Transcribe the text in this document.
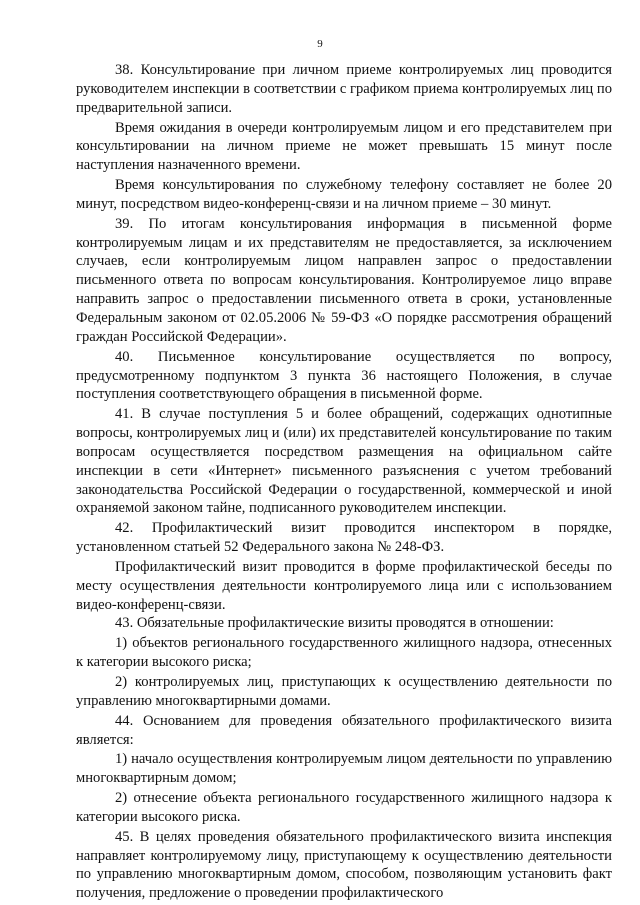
9

38. Консультирование при личном приеме контролируемых лиц проводится руководителем инспекции в соответствии с графиком приема контролируемых лиц по предварительной записи.

Время ожидания в очереди контролируемым лицом и его представителем при консультировании на личном приеме не может превышать 15 минут после наступления назначенного времени.

Время консультирования по служебному телефону составляет не более 20 минут, посредством видео-конференц-связи и на личном приеме – 30 минут.

39. По итогам консультирования информация в письменной форме контролируемым лицам и их представителям не предоставляется, за исключением случаев, если контролируемым лицом направлен запрос о предоставлении письменного ответа по вопросам консультирования. Контролируемое лицо вправе направить запрос о предоставлении письменного ответа в сроки, установленные Федеральным законом от 02.05.2006 № 59-ФЗ «О порядке рассмотрения обращений граждан Российской Федерации».

40. Письменное консультирование осуществляется по вопросу, предусмотренному подпунктом 3 пункта 36 настоящего Положения, в случае поступления соответствующего обращения в письменной форме.

41. В случае поступления 5 и более обращений, содержащих однотипные вопросы, контролируемых лиц и (или) их представителей консультирование по таким вопросам осуществляется посредством размещения на официальном сайте инспекции в сети «Интернет» письменного разъяснения с учетом требований законодательства Российской Федерации о государственной, коммерческой и иной охраняемой законом тайне, подписанного руководителем инспекции.

42. Профилактический визит проводится инспектором в порядке, установленном статьей 52 Федерального закона № 248-ФЗ.

Профилактический визит проводится в форме профилактической беседы по месту осуществления деятельности контролируемого лица или с использованием видео-конференц-связи.

43. Обязательные профилактические визиты проводятся в отношении:

1) объектов регионального государственного жилищного надзора, отнесенных к категории высокого риска;

2) контролируемых лиц, приступающих к осуществлению деятельности по управлению многоквартирными домами.

44. Основанием для проведения обязательного профилактического визита является:

1) начало осуществления контролируемым лицом деятельности по управлению многоквартирным домом;

2) отнесение объекта регионального государственного жилищного надзора к категории высокого риска.

45. В целях проведения обязательного профилактического визита инспекция направляет контролируемому лицу, приступающему к осуществлению деятельности по управлению многоквартирным домом, способом, позволяющим установить факт получения, предложение о проведении профилактического
